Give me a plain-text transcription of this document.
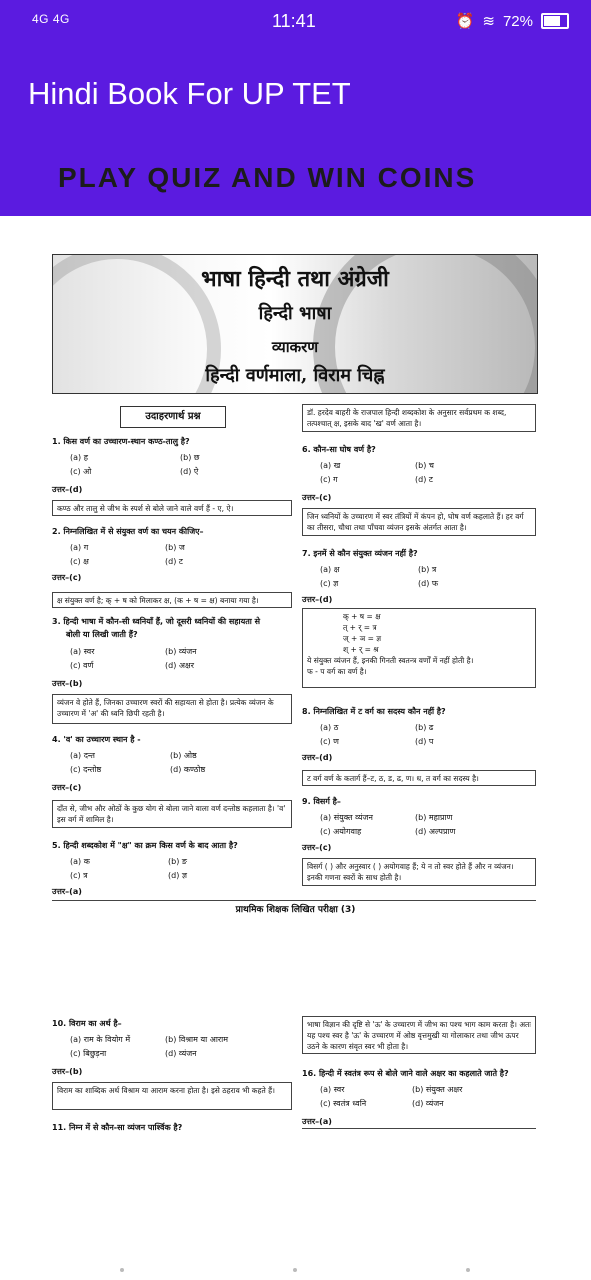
4G 4G	11:41	⏰ ≋ 72%
Hindi Book For UP TET
PLAY QUIZ AND WIN COINS
भाषा हिन्दी तथा अंग्रेजी
हिन्दी भाषा
व्याकरण
हिन्दी वर्णमाला, विराम चिह्न
उदाहरणार्थ प्रश्न
1. किस वर्ण का उच्चारण-स्थान कण्ठ-तालु है?
(a) ह	(b) छ
(c) ओ	(d) ऐ
उत्तर–(d)
कण्ठ और तालु से जीभ के स्पर्श से बोले जाने वाले वर्ण हैं - ए, ऐ।
2. निम्नलिखित में से संयुक्त वर्ण का चयन कीजिए–
(a) ग	(b) ज
(c) क्ष	(d) ट
उत्तर–(c)
क्ष संयुक्त वर्ण है; क् + ष को मिलाकर क्ष, (क + ष = क्ष) बनाया गया है।
3. हिन्दी भाषा में कौन-सी ध्वनियाँ हैं, जो दूसरी ध्वनियों की सहायता से
बोली या लिखी जाती हैं?
(a) स्वर	(b) व्यंजन
(c) वर्ण	(d) अक्षर
उत्तर–(b)
व्यंजन वे होते हैं, जिनका उच्चारण स्वरों की सहायता से होता है। प्रत्येक व्यंजन के उच्चारण में 'अ' की ध्वनि छिपी रहती है।
4. 'व' का उच्चारण स्थान है -
(a) दन्त	(b) ओष्ठ
(c) दन्तोष्ठ	(d) कण्ठोष्ठ
उत्तर–(c)
दाँत से, जीभ और ओठों के कुछ योग से बोला जाने वाला वर्ण दन्तोष्ठ कहलाता है। 'व' इस वर्ग में शामिल है।
5. हिन्दी शब्दकोश में "क्ष" का क्रम किस वर्ण के बाद आता है?
(a) क	(b) ङ
(c) त्र	(d) ज्ञ
उत्तर–(a)
डॉ. हरदेव बाहरी के राजपाल हिन्दी शब्दकोश के अनुसार सर्वप्रथम क शब्द, तत्पश्चात् क्ष, इसके बाद 'ख' वर्ण आता है।
6. कौन-सा घोष वर्ण है?
(a) ख	(b) च
(c) ग	(d) ट
उत्तर–(c)
जिन ध्वनियों के उच्चारण में स्वर तंत्रियों में कंपन हो, घोष वर्ण कहलाते हैं। हर वर्ग का तीसरा, चौथा तथा पाँचवा व्यंजन इसके अंतर्गत आता है।
7. इनमें से कौन संयुक्त व्यंजन नहीं है?
(a) क्ष	(b) त्र
(c) ज्ञ	(d) फ
उत्तर–(d)
क् + ष = क्ष
त् + र् = त्र
ज् + ञ = ज्ञ
श् + र् = श्र
ये संयुक्त व्यंजन हैं, इनकी गिनती स्वतन्त्र वर्णों में नहीं होती है।
फ - प वर्ग का वर्ण है।
8. निम्नलिखित में ट वर्ग का सदस्य कौन नहीं है?
(a) ठ	(b) ढ
(c) ण	(d) प
उत्तर–(d)
ट वर्ग वर्ण के कतार्ग हैं–ट, ठ, ड, ढ, ण। ध, त वर्ग का सदस्य है।
9. विसर्ग है–
(a) संयुक्त व्यंजन	(b) महाप्राण
(c) अयोगवाह	(d) अल्पप्राण
उत्तर–(c)
विसर्ग ( ) और अनुस्वार ( ) अयोगवाह हैं; ये न तो स्वर होते हैं और न व्यंजन। इनकी गणना स्वरों के साथ होती है।
प्राथमिक शिक्षक लिखित परीक्षा (3)
10. विराम का अर्थ है–
(a) राम के वियोग में	(b) विश्राम या आराम
(c) बिछुड़ना	(d) व्यंजन
उत्तर–(b)
विराम का शाब्दिक अर्थ विश्राम या आराम करना होता है। इसे ठहराव भी कहते हैं।
11. निम्न में से कौन-सा व्यंजन पार्श्विक है?
भाषा विज्ञान की दृष्टि से 'ऊ' के उच्चारण में जीभ का पश्च भाग काम करता है। अतः यह पश्च स्वर है 'ऊ' के उच्चारण में ओष्ठ वृत्तमुखी या गोलाकार तथा जीभ ऊपर उठने के कारण संवृत स्वर भी होता है।
16. हिन्दी में स्वतंत्र रूप से बोले जाने वाले अक्षर का कहलाते जाते है?
(a) स्वर	(b) संयुक्त अक्षर
(c) स्वतंत्र ध्वनि	(d) व्यंजन
उत्तर–(a)
